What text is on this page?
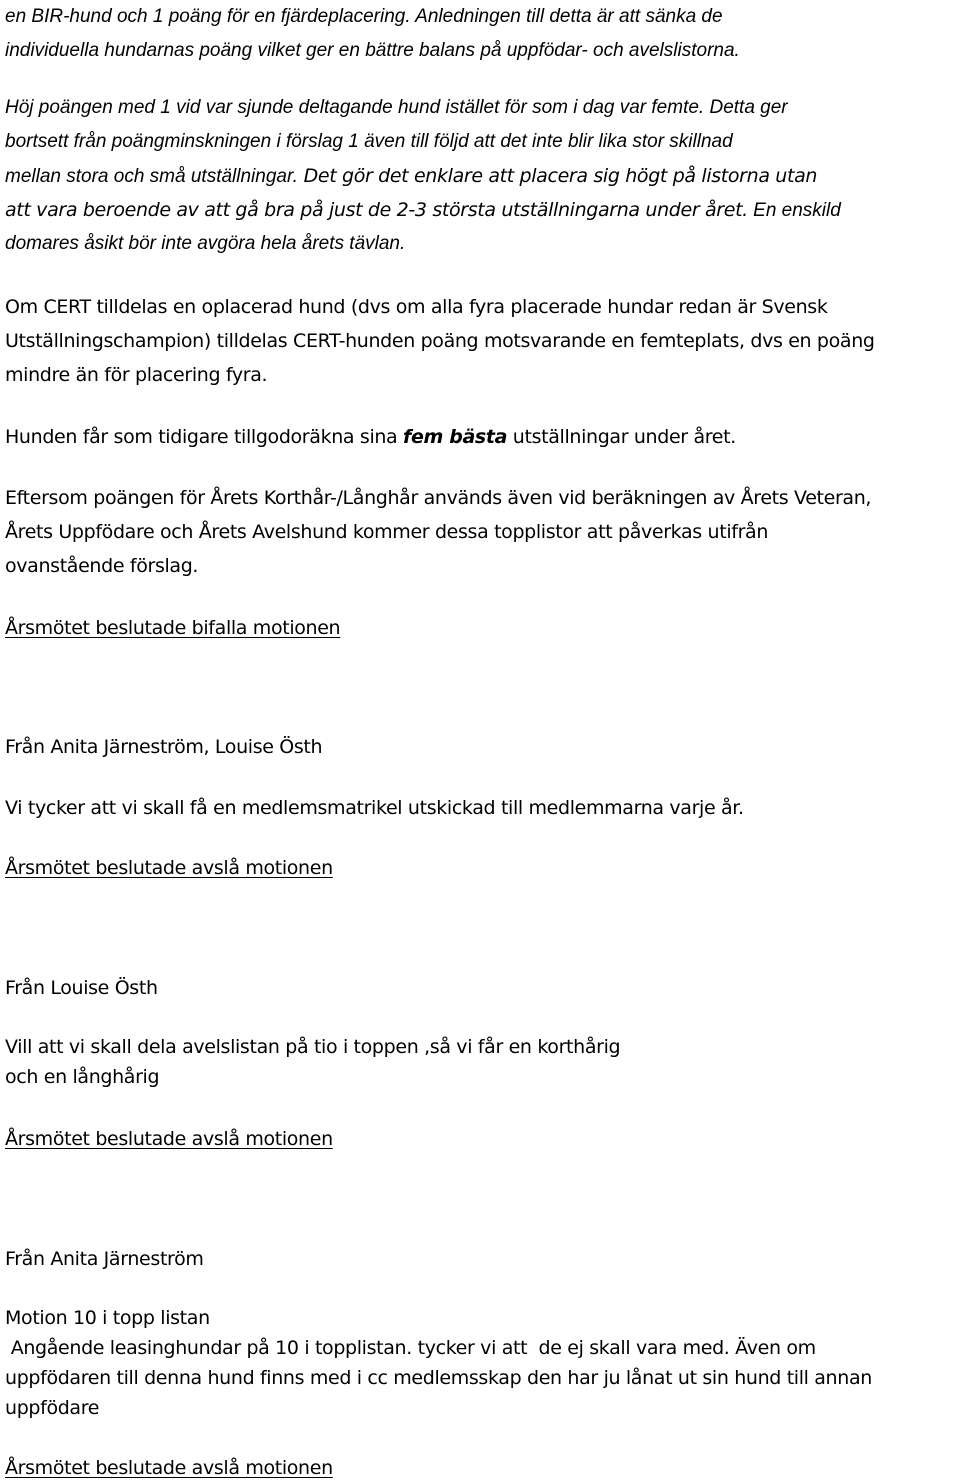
en BIR-hund och 1 poäng för en fjärdeplacering. Anledningen till detta är att sänka de
individuella hundarnas poäng vilket ger en bättre balans på uppfödar- och avelslistorna.

Höj poängen med 1 vid var sjunde deltagande hund istället för som i dag var femte. Detta ger
bortsett från poängminskningen i förslag 1 även till följd att det inte blir lika stor skillnad
mellan stora och små utställningar. Det gör det enklare att placera sig högt på listorna utan
att vara beroende av att gå bra på just de 2-3 största utställningarna under året. En enskild
domares åsikt bör inte avgöra hela årets tävlan.

Om CERT tilldelas en oplacerad hund (dvs om alla fyra placerade hundar redan är Svensk
Utställningschampion) tilldelas CERT-hunden poäng motsvarande en femteplats, dvs en poäng
mindre än för placering fyra.

Hunden får som tidigare tillgodoräkna sina fem bästa utställningar under året.

Eftersom poängen för Årets Korthår-/Långhår används även vid beräkningen av Årets Veteran,
Årets Uppfödare och Årets Avelshund kommer dessa topplistor att påverkas utifrån
ovanstående förslag.

Årsmötet beslutade bifalla motionen

Från Anita Järneström, Louise Östh

Vi tycker att vi skall få en medlemsmatrikel utskickad till medlemmarna varje år.

Årsmötet beslutade avslå motionen

Från Louise Östh

Vill att vi skall dela avelslistan på tio i toppen ,så vi får en korthårig
och en långhårig

Årsmötet beslutade avslå motionen

Från Anita Järneström

Motion 10 i topp listan

Angående leasinghundar på 10 i topplistan. tycker vi att  de ej skall vara med. Även om
uppfödaren till denna hund finns med i cc medlemsskap den har ju lånat ut sin hund till annan
uppfödare

Årsmötet beslutade avslå motionen
